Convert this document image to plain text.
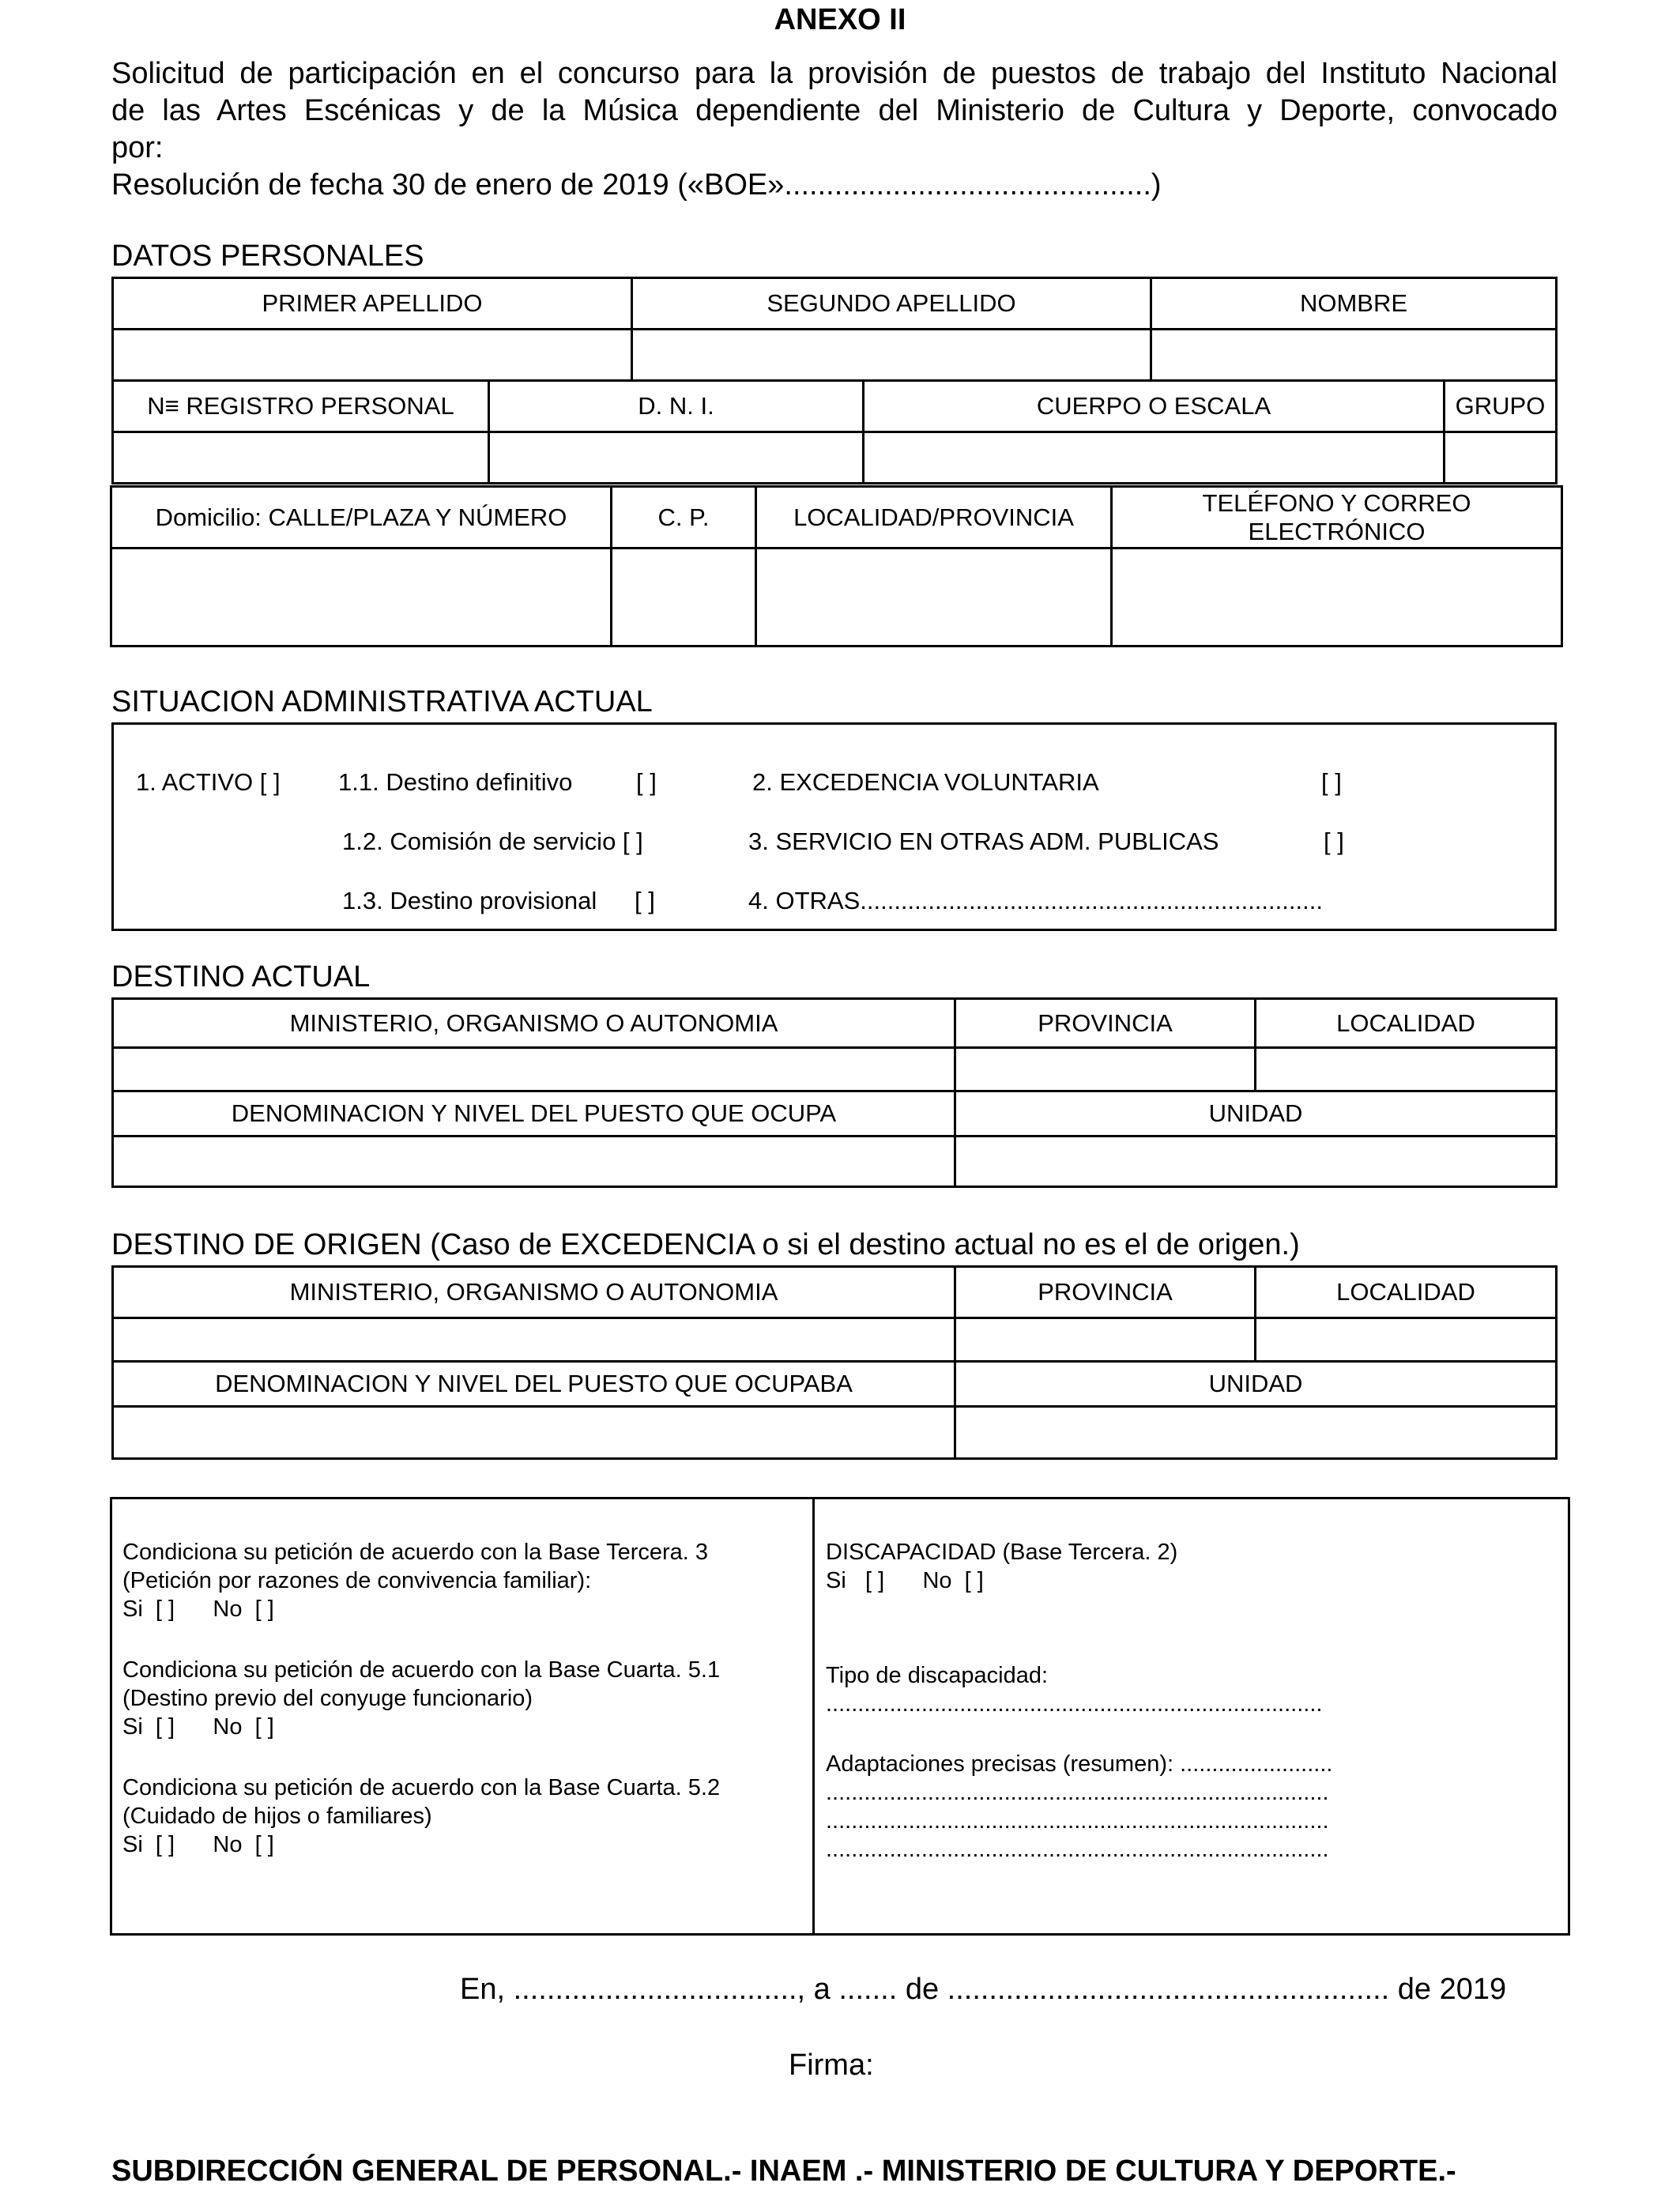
ANEXO II
Solicitud de participación en el concurso para la provisión de puestos de trabajo del Instituto Nacional
de las Artes Escénicas y de la Música dependiente del Ministerio de Cultura y Deporte, convocado
por:
Resolución de fecha 30 de enero de 2019 («BOE»............................................)
DATOS PERSONALES
PRIMER APELLIDO	SEGUNDO APELLIDO	NOMBRE

N≡ REGISTRO PERSONAL	D. N. I.	CUERPO O ESCALA	GRUPO

Domicilio: CALLE/PLAZA Y NÚMERO	C. P.	LOCALIDAD/PROVINCIA	TELÉFONO Y CORREO ELECTRÓNICO

SITUACION ADMINISTRATIVA ACTUAL
1. ACTIVO [ ] 1.1. Destino definitivo	[ ]	2. EXCEDENCIA VOLUNTARIA	[ ]
1.2. Comisión de servicio [ ]	3. SERVICIO EN OTRAS ADM. PUBLICAS	[ ]
1.3. Destino provisional [ ]	4. OTRAS....................................................................
DESTINO ACTUAL
MINISTERIO, ORGANISMO O AUTONOMIA	PROVINCIA	LOCALIDAD

DENOMINACION Y NIVEL DEL PUESTO QUE OCUPA	UNIDAD	

DESTINO DE ORIGEN (Caso de EXCEDENCIA o si el destino actual no es el de origen.)
MINISTERIO, ORGANISMO O AUTONOMIA	PROVINCIA	LOCALIDAD

DENOMINACION Y NIVEL DEL PUESTO QUE OCUPABA	UNIDAD	

Condiciona su petición de acuerdo con la Base Tercera. 3
(Petición por razones de convivencia familiar):
Si  [ ]      No  [ ]
Condiciona su petición de acuerdo con la Base Cuarta. 5.1
(Destino previo del conyuge funcionario)
Si  [ ]      No  [ ]
Condiciona su petición de acuerdo con la Base Cuarta. 5.2
(Cuidado de hijos o familiares)
Si  [ ]      No  [ ]
DISCAPACIDAD (Base Tercera. 2)
Si   [ ]      No  [ ]
Tipo de discapacidad:
..............................................................................
Adaptaciones precisas (resumen): ........................
...............................................................................
...............................................................................
...............................................................................
En, .................................., a ....... de ..................................................... de 2019
Firma:
SUBDIRECCIÓN GENERAL DE PERSONAL.- INAEM .- MINISTERIO DE CULTURA Y DEPORTE.-
